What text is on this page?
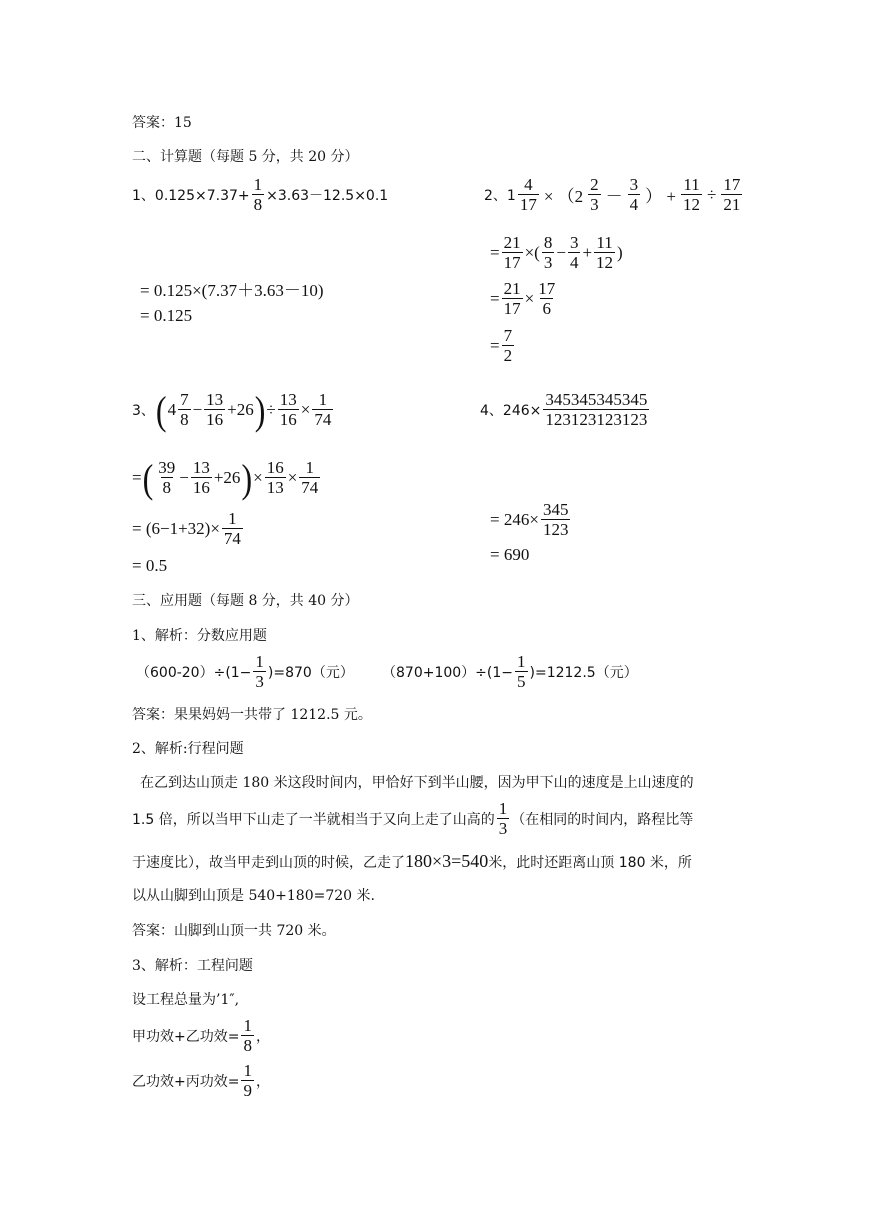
答案：15
二、计算题（每题 5 分，共 20 分）
1、$0.125\times 7.37+ \frac{1}{8} \times 3.63-12.5\times 0.1$
= 0.125×(7.37＋3.63－10)
= 0.125
2、$1 \frac{4}{17} \times (2$
2
3 －
3
4 ） + $\frac{11}{12} \div \frac{17}{21}$
= $\frac{21}{17}$ ×( 8
3
− $\frac{3}{4} + \frac{11}{12}$ )
= $\frac{21}{17} \times \frac{17}{6}$
= $\frac{7}{2}$
3、 ( 4 7
8
− $\frac{13}{16} +26$ ) ÷ $\frac{13}{16} \times \frac{1}{74}$
= ( 39
8
− $\frac{13}{16} +26$ ) × $\frac{16}{13} \times \frac{1}{74}$
= $(6-1+32)\times \frac{1}{74}$
= 0.5
4、$246\times \frac{345345345345}{123123123123}$
= $246\times \frac{345}{123}$
= 690
三、应用题（每题 8 分，共 40 分）
1、解析：分数应用题
$(600-20)\div(1- \frac{1}{3} )=870$（元） $(870+100)\div(1- \frac{1}{5} )=1212.5$（元）
答案：果果妈妈一共带了 1212.5 元。
2、解析:行程问题
在乙到达山顶走 180 米这段时间内，甲恰好下到半山腰，因为甲下山的速度是上山速度的
1.5 倍，所以当甲下山走了一半就相当于又向上走了山高的
1
3 （在相同的时间内，路程比等
于速度比），故当甲走到山顶的时候，乙走了 180×3=540 米，此时还距离山顶 180 米，所
以从山脚到山顶是 540+180=720 米.
答案：山脚到山顶一共 720 米。
3、解析：工程问题
设工程总量为’1″,
甲功效+乙功效= $\frac{1}{8}$ ，
乙功效+丙功效= $\frac{1}{9}$ ，
